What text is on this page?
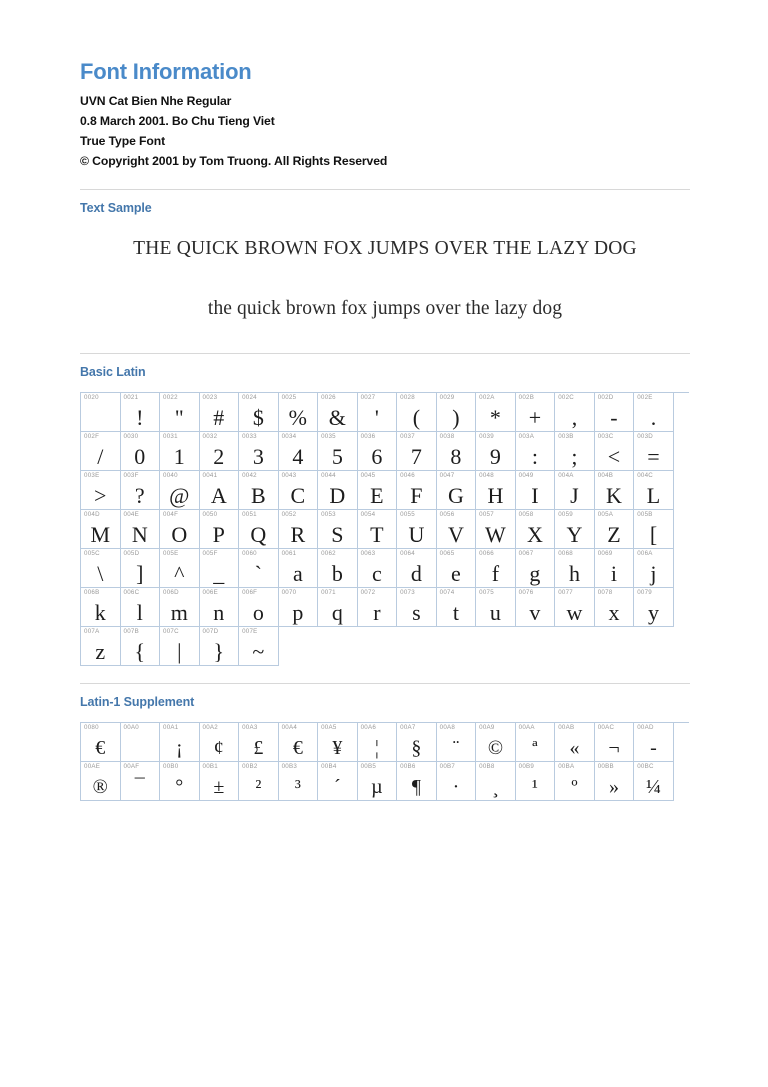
Font Information
UVN Cat Bien Nhe Regular
0.8 March 2001. Bo Chu Tieng Viet
True Type Font
© Copyright 2001 by Tom Truong. All Rights Reserved
Text Sample
THE QUICK BROWN FOX JUMPS OVER THE LAZY DOG
the quick brown fox jumps over the lazy dog
Basic Latin
0020	0021
!
0022
"
0023
#
0024
$
0025
%
0026
&
0027
'
0028
(
0029
)
002A
*
002B
+
002C
,
002D
-
002E
.
002F
/
0030
0
0031
1
0032
2
0033
3
0034
4
0035
5
0036
6
0037
7
0038
8
0039
9
003A
:
003B
;
003C
<
003D
=
003E
>
003F
?
0040
@
0041
A
0042
B
0043
C
0044
D
0045
E
0046
F
0047
G
0048
H
0049
I
004A
J
004B
K
004C
L
004D
M
004E
N
004F
O
0050
P
0051
Q
0052
R
0053
S
0054
T
0055
U
0056
V
0057
W
0058
X
0059
Y
005A
Z
005B
[
005C
\
005D
]
005E
^
005F
_
0060
`
0061
a
0062
b
0063
c
0064
d
0065
e
0066
f
0067
g
0068
h
0069
i
006A
j
006B
k
006C
l
006D
m
006E
n
006F
o
0070
p
0071
q
0072
r
0073
s
0074
t
0075
u
0076
v
0077
w
0078
x
0079
y
007A
z
007B
{
007C
|
007D
}
007E
~
Latin-1 Supplement
0080
€
00A0	00A1
¡
00A2
¢
00A3
£
00A4
€
00A5
¥
00A6
¦
00A7
§
00A8
¨
00A9
©
00AA
ª
00AB
«
00AC
¬
00AD
-
00AE
®
00AF
¯
00B0
°
00B1
±
00B2
²
00B3
³
00B4
´
00B5
µ
00B6
¶
00B7
·
00B8
¸
00B9
¹
00BA
º
00BB
»
00BC
¼
